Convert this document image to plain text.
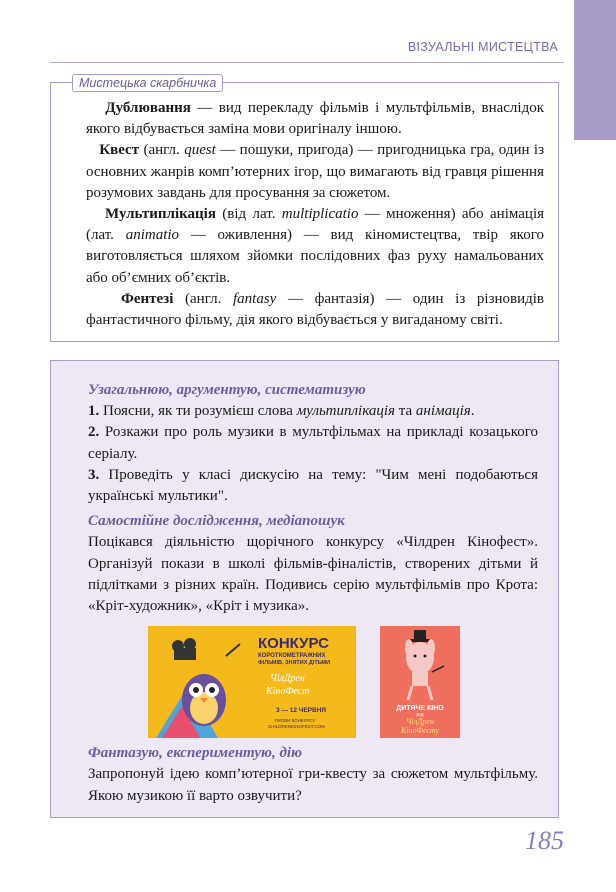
ВІЗУАЛЬНІ МИСТЕЦТВА
Мистецька скарбничка

Дублювання — вид перекладу фільмів і мультфільмів, внаслідок якого відбувається заміна мови оригіналу іншою.

Квест (англ. quest — пошуки, пригода) — пригодницька гра, один із основних жанрів комп’ютерних ігор, що вимагають від гравця рішення розумових завдань для просування за сюжетом.

Мультиплікація (від лат. multiplicatio — множення) або анімація (лат. animatio — оживлення) — вид кіномистецтва, твір якого виготовляється шляхом зйомки послідовних фаз руху намальованих або об’ємних об’єктів.

Фентезі (англ. fantasy — фантазія) — один із різновидів фантастичного фільму, дія якого відбувається у вигаданому світі.

Узагальнюю, аргументую, систематизую

1. Поясни, як ти розумієш слова мультиплікація та анімація.

2. Розкажи про роль музики в мультфільмах на прикладі козацького серіалу.

3. Проведіть у класі дискусію на тему: "Чим мені подобаються українські мультики".

Самостійне дослідження, медіапошук

Поцікався діяльністю щорічного конкурсу «Чілдрен Кінофест». Організуй покази в школі фільмів-фіналістів, створених дітьми й підлітками з різних країн. Подивись серію мультфільмів про Крота: «Кріт-художник», «Кріт і музика».

Фантазую, експериментую, дію

Запропонуй ідею комп’ютерної гри-квесту за сюжетом мультфільму. Якою музикою її варто озвучити?

КОНКУРС
КОРОТКОМЕТРАЖНИХ
ФІЛЬМІВ, ЗНЯТИХ ДІТЬМИ
ЧілДрен
КіноФест
3 — 12 ЧЕРВНЯ
УМОВИ КОНКУРСУ
CHILDRENKINOFEST.COM
ДИТЯЧЕ КІНО
ВІД
ЧілДрен
КіноФесту
185
